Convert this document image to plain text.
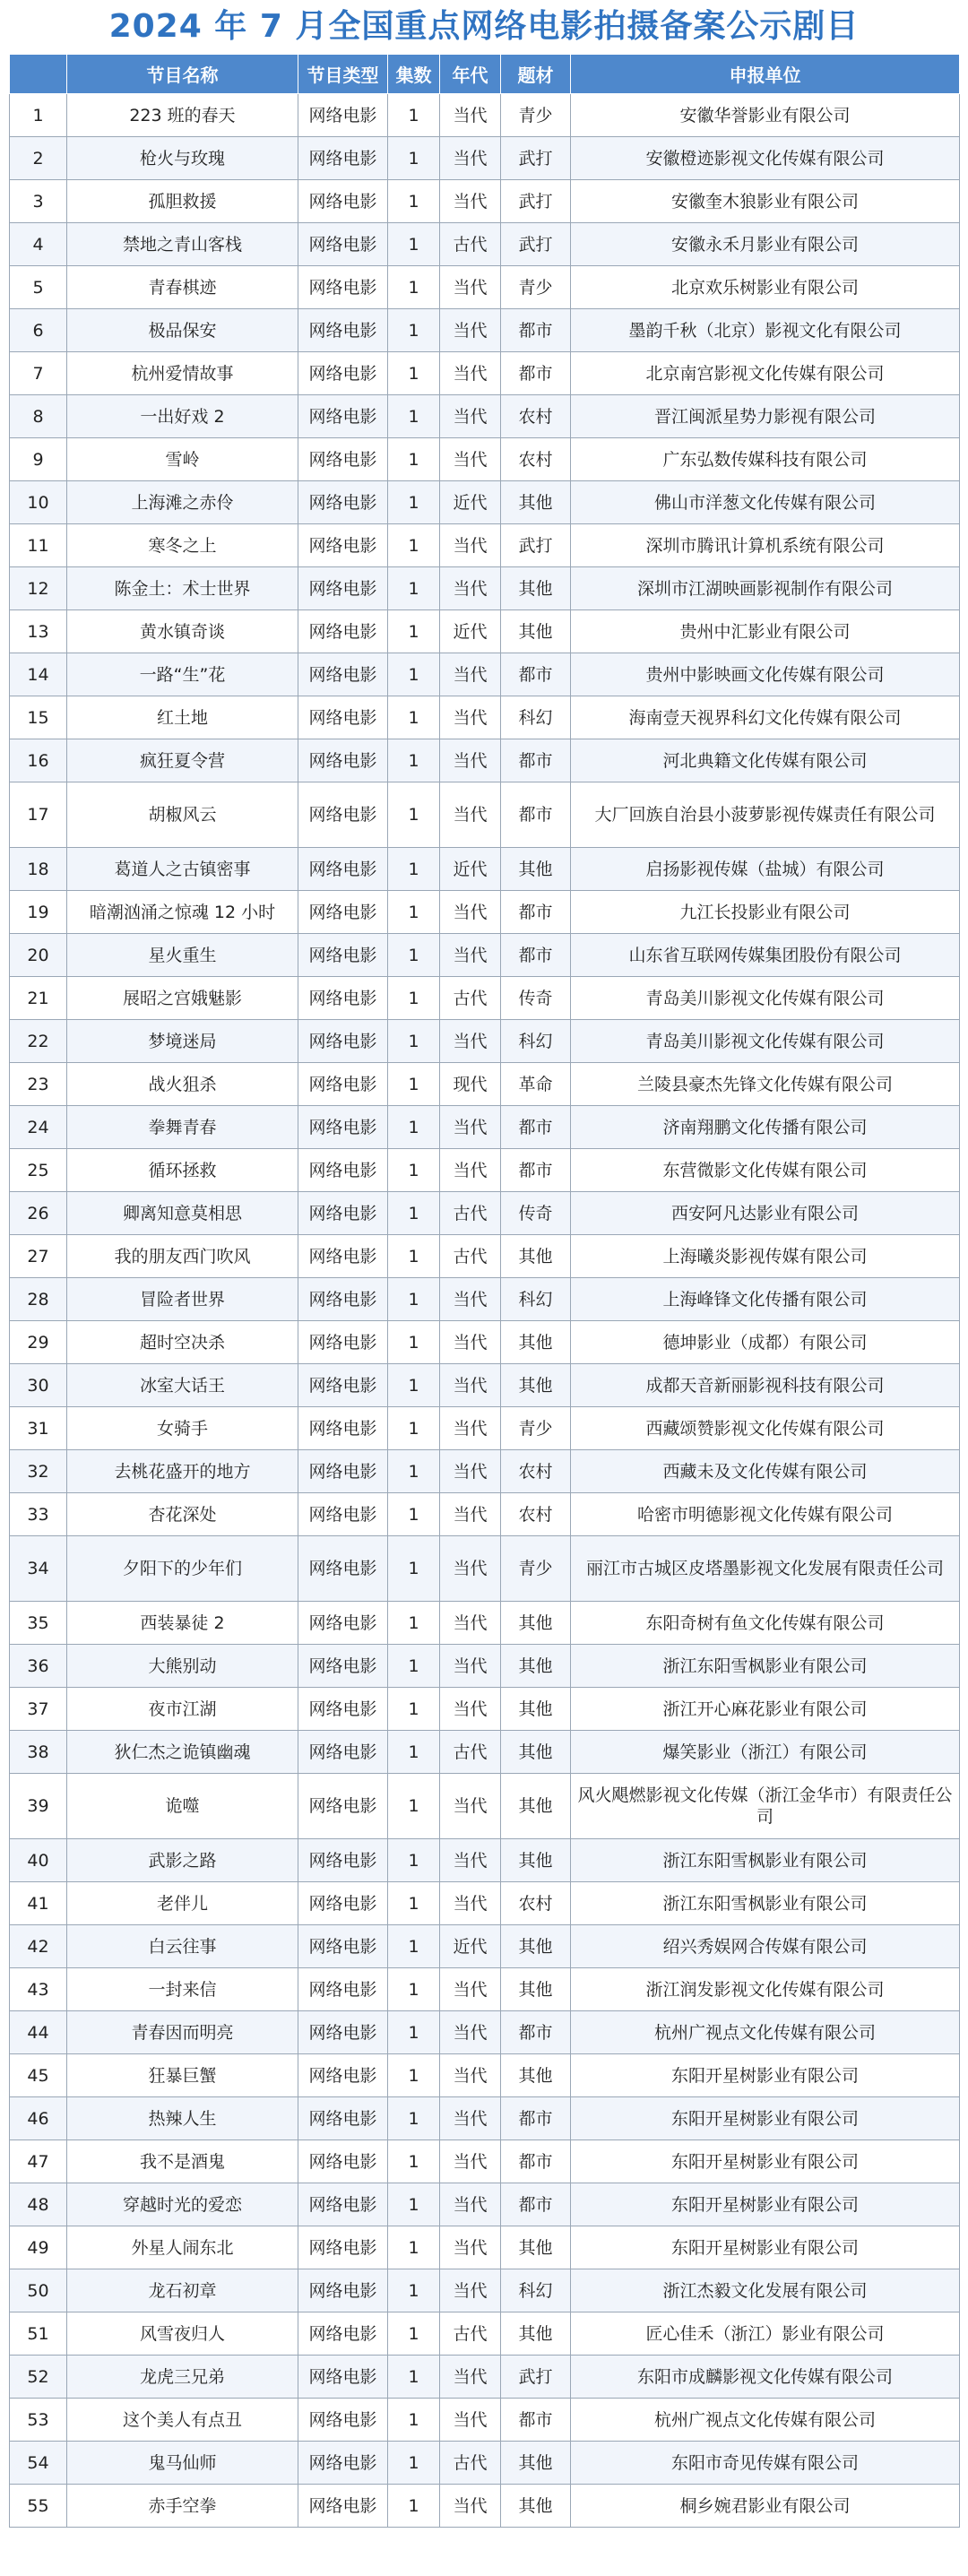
2024 年 7 月全国重点网络电影拍摄备案公示剧目
	节目名称	节目类型	集数	年代	题材	申报单位
1	223 班的春天	网络电影	1	当代	青少	安徽华誉影业有限公司
2	枪火与玫瑰	网络电影	1	当代	武打	安徽橙迹影视文化传媒有限公司
3	孤胆救援	网络电影	1	当代	武打	安徽奎木狼影业有限公司
4	禁地之青山客栈	网络电影	1	古代	武打	安徽永禾月影业有限公司
5	青春棋迹	网络电影	1	当代	青少	北京欢乐树影业有限公司
6	极品保安	网络电影	1	当代	都市	墨韵千秋（北京）影视文化有限公司
7	杭州爱情故事	网络电影	1	当代	都市	北京南宫影视文化传媒有限公司
8	一出好戏 2	网络电影	1	当代	农村	晋江闽派星势力影视有限公司
9	雪岭	网络电影	1	当代	农村	广东弘数传媒科技有限公司
10	上海滩之赤伶	网络电影	1	近代	其他	佛山市洋葱文化传媒有限公司
11	寒冬之上	网络电影	1	当代	武打	深圳市腾讯计算机系统有限公司
12	陈金土：术士世界	网络电影	1	当代	其他	深圳市江湖映画影视制作有限公司
13	黄水镇奇谈	网络电影	1	近代	其他	贵州中汇影业有限公司
14	一路“生”花	网络电影	1	当代	都市	贵州中影映画文化传媒有限公司
15	红土地	网络电影	1	当代	科幻	海南壹天视界科幻文化传媒有限公司
16	疯狂夏令营	网络电影	1	当代	都市	河北典籍文化传媒有限公司
17	胡椒风云	网络电影	1	当代	都市	大厂回族自治县小菠萝影视传媒责任有限公司
18	葛道人之古镇密事	网络电影	1	近代	其他	启扬影视传媒（盐城）有限公司
19	暗潮汹涌之惊魂 12 小时	网络电影	1	当代	都市	九江长投影业有限公司
20	星火重生	网络电影	1	当代	都市	山东省互联网传媒集团股份有限公司
21	展昭之宫娥魅影	网络电影	1	古代	传奇	青岛美川影视文化传媒有限公司
22	梦境迷局	网络电影	1	当代	科幻	青岛美川影视文化传媒有限公司
23	战火狙杀	网络电影	1	现代	革命	兰陵县豪杰先锋文化传媒有限公司
24	拳舞青春	网络电影	1	当代	都市	济南翔鹏文化传播有限公司
25	循环拯救	网络电影	1	当代	都市	东营微影文化传媒有限公司
26	卿离知意莫相思	网络电影	1	古代	传奇	西安阿凡达影业有限公司
27	我的朋友西门吹风	网络电影	1	古代	其他	上海曦炎影视传媒有限公司
28	冒险者世界	网络电影	1	当代	科幻	上海峰锋文化传播有限公司
29	超时空决杀	网络电影	1	当代	其他	德坤影业（成都）有限公司
30	冰室大话王	网络电影	1	当代	其他	成都天音新丽影视科技有限公司
31	女骑手	网络电影	1	当代	青少	西藏颂赞影视文化传媒有限公司
32	去桃花盛开的地方	网络电影	1	当代	农村	西藏未及文化传媒有限公司
33	杏花深处	网络电影	1	当代	农村	哈密市明德影视文化传媒有限公司
34	夕阳下的少年们	网络电影	1	当代	青少	丽江市古城区皮塔墨影视文化发展有限责任公司
35	西装暴徒 2	网络电影	1	当代	其他	东阳奇树有鱼文化传媒有限公司
36	大熊别动	网络电影	1	当代	其他	浙江东阳雪枫影业有限公司
37	夜市江湖	网络电影	1	当代	其他	浙江开心麻花影业有限公司
38	狄仁杰之诡镇幽魂	网络电影	1	古代	其他	爆笑影业（浙江）有限公司
39	诡噬	网络电影	1	当代	其他	风火飓燃影视文化传媒（浙江金华市）有限责任公司
40	武影之路	网络电影	1	当代	其他	浙江东阳雪枫影业有限公司
41	老伴儿	网络电影	1	当代	农村	浙江东阳雪枫影业有限公司
42	白云往事	网络电影	1	近代	其他	绍兴秀娱网合传媒有限公司
43	一封来信	网络电影	1	当代	其他	浙江润发影视文化传媒有限公司
44	青春因而明亮	网络电影	1	当代	都市	杭州广视点文化传媒有限公司
45	狂暴巨蟹	网络电影	1	当代	其他	东阳开星树影业有限公司
46	热辣人生	网络电影	1	当代	都市	东阳开星树影业有限公司
47	我不是酒鬼	网络电影	1	当代	都市	东阳开星树影业有限公司
48	穿越时光的爱恋	网络电影	1	当代	都市	东阳开星树影业有限公司
49	外星人闹东北	网络电影	1	当代	其他	东阳开星树影业有限公司
50	龙石初章	网络电影	1	当代	科幻	浙江杰毅文化发展有限公司
51	风雪夜归人	网络电影	1	古代	其他	匠心佳禾（浙江）影业有限公司
52	龙虎三兄弟	网络电影	1	当代	武打	东阳市成麟影视文化传媒有限公司
53	这个美人有点丑	网络电影	1	当代	都市	杭州广视点文化传媒有限公司
54	鬼马仙师	网络电影	1	古代	其他	东阳市奇见传媒有限公司
55	赤手空拳	网络电影	1	当代	其他	桐乡婉君影业有限公司
